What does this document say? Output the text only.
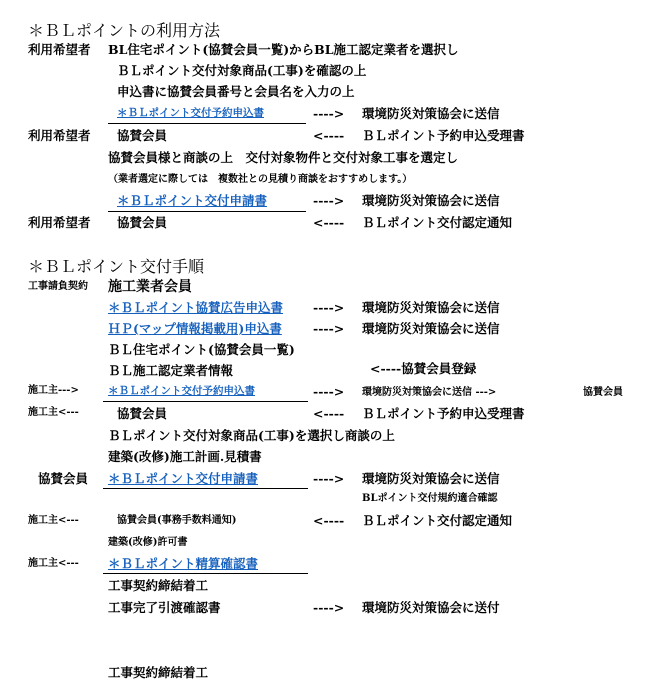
＊ＢＬポイントの利用方法
利用希望者 BL住宅ポイント(協賛会員一覧)からBL施工認定業者を選択し
ＢＬポイント交付対象商品(工事)を確認の上
申込書に協賛会員番号と会員名を入力の上
＊ＢＬポイント交付予約申込書	----> 環境防災対策協会に送信
利用希望者 協賛会員	<---- ＢＬポイント予約申込受理書
協賛会員様と商談の上　交付対象物件と交付対象工事を選定し
（業者選定に際しては　複数社との見積り商談をおすすめします。）
＊ＢＬポイント交付申請書	----> 環境防災対策協会に送信
利用希望者 協賛会員	<---- ＢＬポイント交付認定通知
＊ＢＬポイント交付手順
工事請負契約 施工業者会員
＊ＢＬポイント協賛広告申込書 ----> 環境防災対策協会に送信
ＨＰ(マップ情報掲載用)申込書 ----> 環境防災対策協会に送信
ＢＬ住宅ポイント(協賛会員一覧)
ＢＬ施工認定業者情報	<----協賛会員登録
施工主--->	＊ＢＬポイント交付予約申込書	----> 環境防災対策協会に送信 --->	協賛会員
施工主<---	協賛会員	<---- ＢＬポイント予約申込受理書
ＢＬポイント交付対象商品(工事)を選択し商談の上
建築(改修)施工計画.見積書
協賛会員 ＊ＢＬポイント交付申請書	----> 環境防災対策協会に送信
BLポイント交付規約適合確認
施工主<---	協賛会員(事務手数料通知)	<---- ＢＬポイント交付認定通知
建築(改修)許可書
施工主<--- ＊ＢＬポイント精算確認書
工事契約締結着工
工事完了引渡確認書	----> 環境防災対策協会に送付
工事契約締結着工
